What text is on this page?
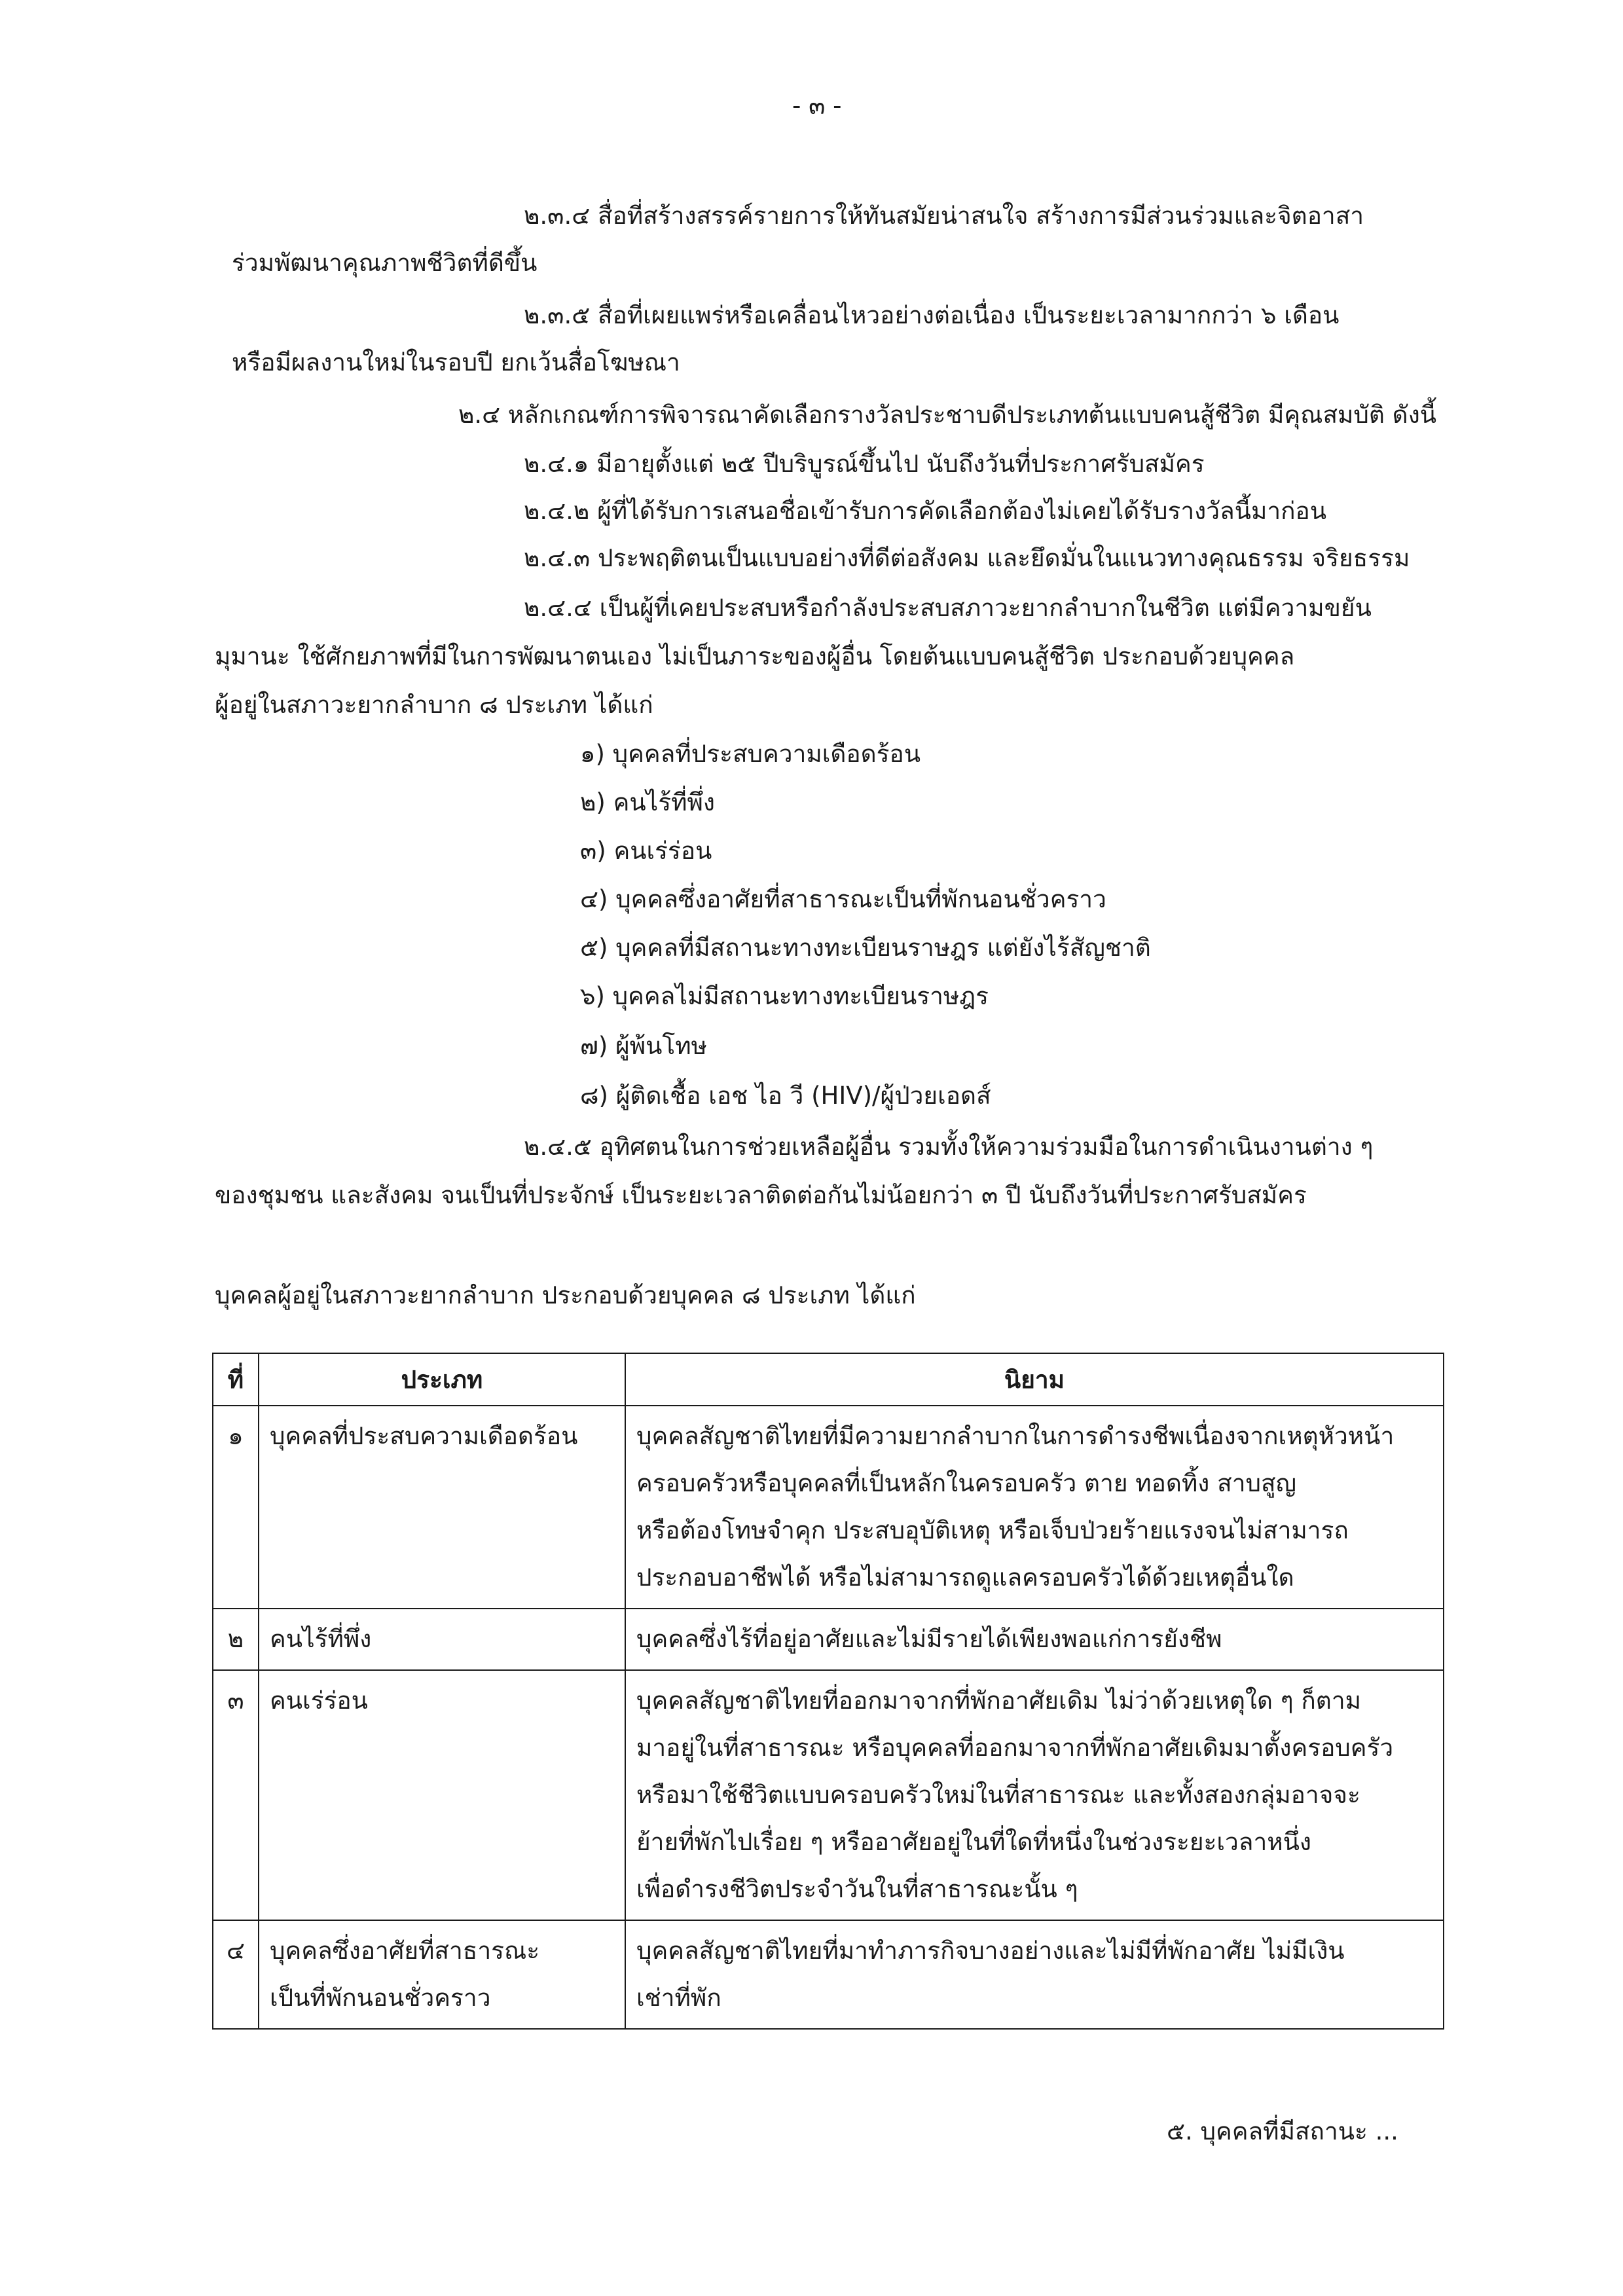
- ๓ -
๒.๓.๔ สื่อที่สร้างสรรค์รายการให้ทันสมัยน่าสนใจ สร้างการมีส่วนร่วมและจิตอาสา
ร่วมพัฒนาคุณภาพชีวิตที่ดีขึ้น
๒.๓.๕ สื่อที่เผยแพร่หรือเคลื่อนไหวอย่างต่อเนื่อง เป็นระยะเวลามากกว่า ๖ เดือน
หรือมีผลงานใหม่ในรอบปี ยกเว้นสื่อโฆษณา
๒.๔ หลักเกณฑ์การพิจารณาคัดเลือกรางวัลประชาบดีประเภทต้นแบบคนสู้ชีวิต มีคุณสมบัติ ดังนี้
๒.๔.๑ มีอายุตั้งแต่ ๒๕ ปีบริบูรณ์ขึ้นไป นับถึงวันที่ประกาศรับสมัคร
๒.๔.๒ ผู้ที่ได้รับการเสนอชื่อเข้ารับการคัดเลือกต้องไม่เคยได้รับรางวัลนี้มาก่อน
๒.๔.๓ ประพฤติตนเป็นแบบอย่างที่ดีต่อสังคม และยึดมั่นในแนวทางคุณธรรม จริยธรรม
๒.๔.๔ เป็นผู้ที่เคยประสบหรือกำลังประสบสภาวะยากลำบากในชีวิต แต่มีความขยัน
มุมานะ ใช้ศักยภาพที่มีในการพัฒนาตนเอง ไม่เป็นภาระของผู้อื่น โดยต้นแบบคนสู้ชีวิต ประกอบด้วยบุคคล
ผู้อยู่ในสภาวะยากลำบาก ๘ ประเภท ได้แก่
๑) บุคคลที่ประสบความเดือดร้อน
๒) คนไร้ที่พึ่ง
๓) คนเร่ร่อน
๔) บุคคลซึ่งอาศัยที่สาธารณะเป็นที่พักนอนชั่วคราว
๕) บุคคลที่มีสถานะทางทะเบียนราษฎร แต่ยังไร้สัญชาติ
๖) บุคคลไม่มีสถานะทางทะเบียนราษฎร
๗) ผู้พ้นโทษ
๘) ผู้ติดเชื้อ เอช ไอ วี (HIV)/ผู้ป่วยเอดส์
๒.๔.๕ อุทิศตนในการช่วยเหลือผู้อื่น รวมทั้งให้ความร่วมมือในการดำเนินงานต่าง ๆ
ของชุมชน และสังคม จนเป็นที่ประจักษ์ เป็นระยะเวลาติดต่อกันไม่น้อยกว่า ๓ ปี นับถึงวันที่ประกาศรับสมัคร
บุคคลผู้อยู่ในสภาวะยากลำบาก ประกอบด้วยบุคคล ๘ ประเภท ได้แก่
ที่	ประเภท	นิยาม
๑	บุคคลที่ประสบความเดือดร้อน	บุคคลสัญชาติไทยที่มีความยากลำบากในการดำรงชีพเนื่องจากเหตุหัวหน้า
ครอบครัวหรือบุคคลที่เป็นหลักในครอบครัว ตาย ทอดทิ้ง สาบสูญ
หรือต้องโทษจำคุก ประสบอุบัติเหตุ หรือเจ็บป่วยร้ายแรงจนไม่สามารถ
ประกอบอาชีพได้ หรือไม่สามารถดูแลครอบครัวได้ด้วยเหตุอื่นใด
๒	คนไร้ที่พึ่ง	บุคคลซึ่งไร้ที่อยู่อาศัยและไม่มีรายได้เพียงพอแก่การยังชีพ
๓	คนเร่ร่อน	บุคคลสัญชาติไทยที่ออกมาจากที่พักอาศัยเดิม ไม่ว่าด้วยเหตุใด ๆ ก็ตาม
มาอยู่ในที่สาธารณะ หรือบุคคลที่ออกมาจากที่พักอาศัยเดิมมาตั้งครอบครัว
หรือมาใช้ชีวิตแบบครอบครัวใหม่ในที่สาธารณะ และทั้งสองกลุ่มอาจจะ
ย้ายที่พักไปเรื่อย ๆ หรืออาศัยอยู่ในที่ใดที่หนึ่งในช่วงระยะเวลาหนึ่ง
เพื่อดำรงชีวิตประจำวันในที่สาธารณะนั้น ๆ
๔	บุคคลซึ่งอาศัยที่สาธารณะ
เป็นที่พักนอนชั่วคราว	บุคคลสัญชาติไทยที่มาทำภารกิจบางอย่างและไม่มีที่พักอาศัย ไม่มีเงิน
เช่าที่พัก
๕. บุคคลที่มีสถานะ ...
